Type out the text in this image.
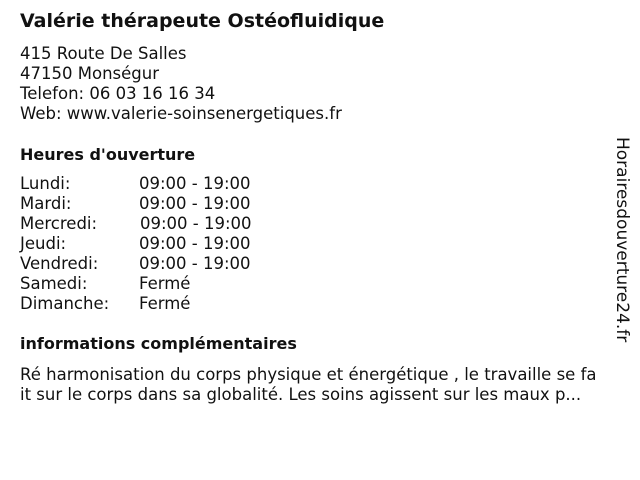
Valérie thérapeute Ostéofluidique
415 Route De Salles
47150 Monségur
Telefon: 06 03 16 16 34
Web: www.valerie-soinsenergetiques.fr
Heures d'ouverture
Lundi:	09:00 - 19:00
Mardi:	09:00 - 19:00
Mercredi:	09:00 - 19:00
Jeudi:	09:00 - 19:00
Vendredi: 09:00 - 19:00
Samedi:	Fermé
Dimanche: Fermé
informations complémentaires
Ré harmonisation du corps physique et énergétique , le travaille se fa
it sur le corps dans sa globalité. Les soins agissent sur les maux p...
Horairesdouverture24.fr
